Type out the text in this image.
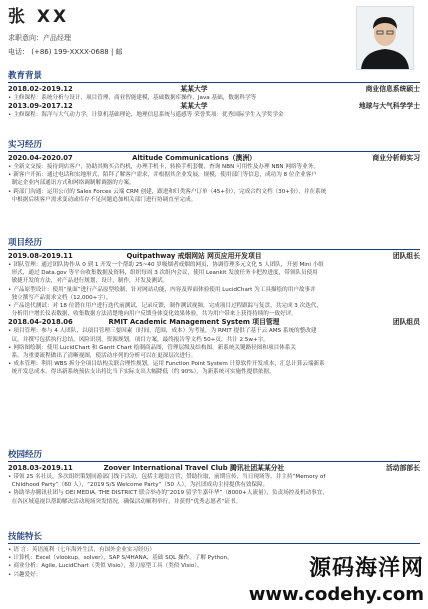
张 XX
求职意向：产品经理
电话： (+86) 199-XXXX-0688 | 邮
教育背景
2018.02-2019.12	某某大学	商业信息系统硕士

• 主修课程：系统分析与设计，项目管理，商业智能建模，基础数据库操作，Java 基础，数据科学等

2013.09-2017.12	某某大学	地球与大气科学学士

• 主修课程：海洋与大气动力学，计算机基础理论，地理信息系统与遥感等 荣誉奖项：优秀国际学生入学奖学金

实习经历
2020.04-2020.07	Altitude Communications（澳洲）	商业分析师实习

• 全新文交接：接待到店客户，协助其购买合约机，办理手机卡，转换手机套餐，查询 NBN 可用性及办理 NBN 网络等业务。

• 新客户开拓：通过电话和实地形式，陌拜了解客户需求，并根据其企业发展，规模，使用部门等信息，成功为 8 位企业客户

制定企业内部通讯方式和网络调制解调器的方案。

• 跨部门沟通：运用公司的 Sales Forces 云端 CRM 创建，跟进和归类客户订单（45+份），完成合约文档（30+份），并在系统

中根据后续客户需求变动或库存不足问题追加相关部门进行协调直至完成。

项目经历
2019.08-2019.11	Quitpathway 戒烟网站 网页应用开发项目	团队组长

• 团队管理：通过团队协作从 0 到 1 开发一个帮助 25~40 岁吸烟者戒烟的网页，协调管理多元文化 5 人团队，开创 Mini 小组

形式，通过 Data.gov 等平台收集数据及资料，组织每周 3 次组内会议，使用 Leankit 发放任务卡把控进度，带领队员使用

敏捷开发的方法，对产品进行规划，设计，制作，开发及测试。

• 产品原型设计：使用“量面”进行产品原型绘制，针对网站功能，内容及界面体验使用 LucidChart 为工具描绘的用户故事并

独立撰写产品需求文档（12,000+字）。

• 产品迭代测试：对 18 位潜在用户进行迭代前测试，记录反馈，制作测试视频，完成项目过程跟踪与复盘，共完成 3 次迭代，

分析用户增长仪表数据，收集数据方法清楚地向用户反馈身体变化效果体验，共为用户带来上获得持续的一致好评。

2018.04-2018.06	RMIT Academic Management System 项目管理	团队组员

• 项目管理：参与 4 人团队，以项目管理三要因素（时间，范围，成本）为考量，为 RMIT 提供了基于云 AMS 系统的整改建

议，并撰写包括执行总结，风险识别，资源规划，项目方案，最终报告等文档 50+页，共计 2.5w+字。

• 网络图绘制：使用 LucidChart 和 Gantt Chart 绘制商品图，管理层级及结构图，新系统关键路径图和项目体系关

系，为重要流程做出了清晰视图，使活动序列的分析可以在更深层次进行。

• 成本管理：利用 WBS 拆分全项目结构关联合理性规划，运用 Function Point System 计算软件开发成本，汇总计算云端新系

统开发总成本，得出新系统预估支出将比当下实际支出大幅降低（约 90%），为新系统可实施性提供依据。

校园经历
2018.03-2019.11	Zoover International Travel Club 腾讯社团某某分社	活动部部长

• 带领 25 名社员，多次组织策划同游部门线下活动，包括主题语言营，赞助拉取，前期宣传，当日现场等，并主持“Memory of

Childhood Party”（60 人），“2019 S/S Welcome Party”（50 人），为社团成功主持提供有效保障。

• 协助举办腾讯社团与 OEI MEDIA, THE DISTRICT 联合举办的“2019 留学生嘉年华”（8000+人流量），负责场控及机动事宜，

在各区域巡视以帮助解决活动现场突发情况，确保活动顺利举行，并获得“优秀志愿者”证书。

技能特长

• 语 言：英语流利（七年海外生活，有国外企业实习经历）

• 计算机：Excel（vlookup，solver），SAP S/4HANA，基础 SQL 操作，了解 Python，

• 商业分析：Agile, LucidChart（类似 Visio），墨刀原型工具（类似 Visio），

• 兴趣爱好：	源码海洋网
www.codehy.com
